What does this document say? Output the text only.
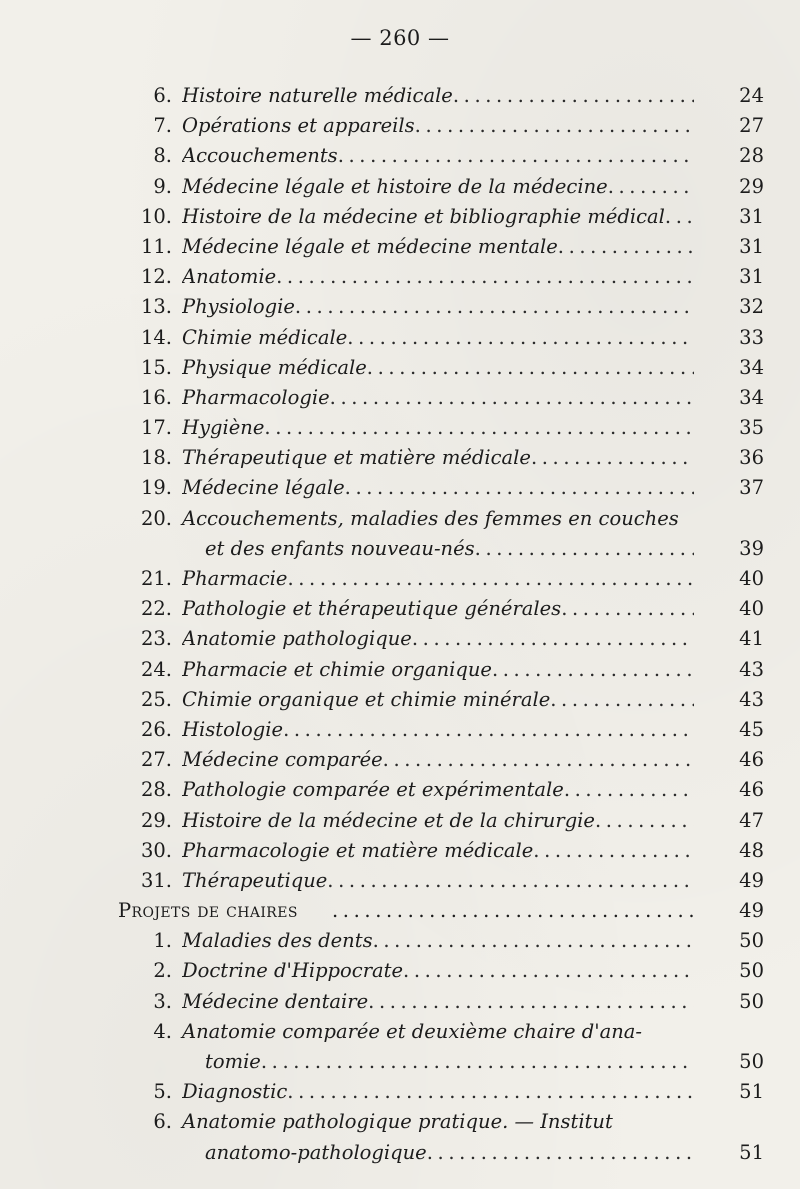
— 260 —
6. Histoire naturelle médicale .....	24
7. Opérations et appareils .....	27
8. Accouchements .....	28
9. Médecine légale et histoire de la médecine .....	29
10. Histoire de la médecine et bibliographie médical .....	31
11. Médecine légale et médecine mentale .....	31
12. Anatomie .....	31
13. Physiologie .....	32
14. Chimie médicale .....	33
15. Physique médicale .....	34
16. Pharmacologie .....	34
17. Hygiène .....	35
18. Thérapeutique et matière médicale .....	36
19. Médecine légale .....	37
20. Accouchements, maladies des femmes en couches
et des enfants nouveau-nés .....	39
21. Pharmacie .....	40
22. Pathologie et thérapeutique générales .....	40
23. Anatomie pathologique .....	41
24. Pharmacie et chimie organique .....	43
25. Chimie organique et chimie minérale .....	43
26. Histologie .....	45
27. Médecine comparée .....	46
28. Pathologie comparée et expérimentale .....	46
29. Histoire de la médecine et de la chirurgie .....	47
30. Pharmacologie et matière médicale .....	48
31. Thérapeutique .....	49
Projets de chaires .....	49
1. Maladies des dents .....	50
2. Doctrine d'Hippocrate .....	50
3. Médecine dentaire .....	50
4. Anatomie comparée et deuxième chaire d'ana-
tomie .....	50
5. Diagnostic .....	51
6. Anatomie pathologique pratique. — Institut
anatomo-pathologique .....	51
